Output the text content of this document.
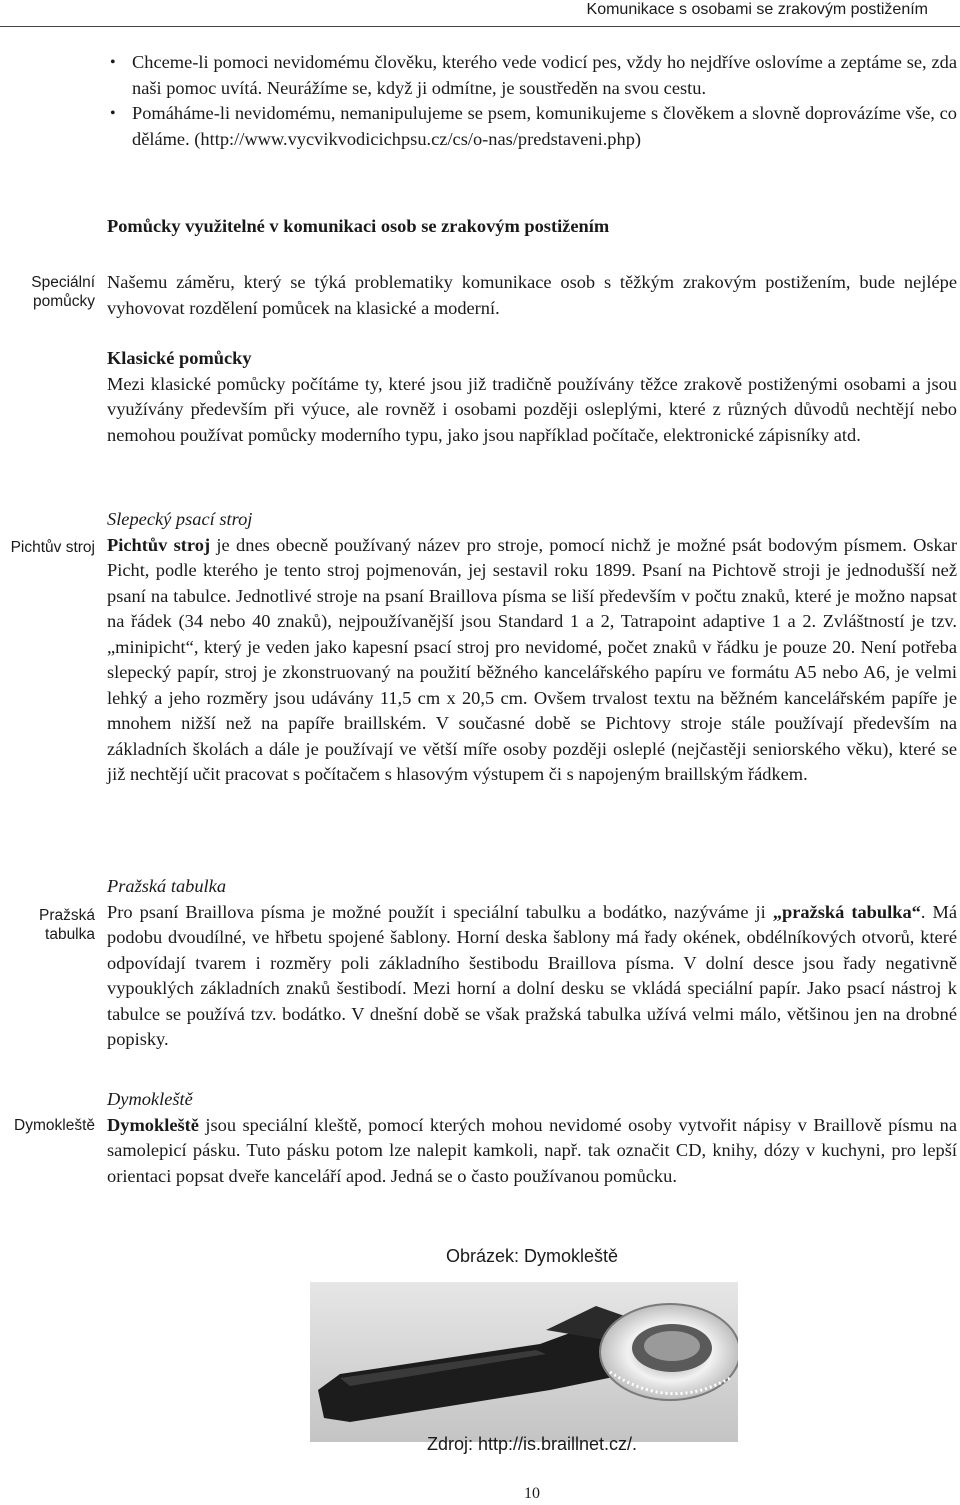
Komunikace s osobami se zrakovým postižením
• Chceme-li pomoci nevidomému člověku, kterého vede vodicí pes, vždy ho nejdříve oslovíme a zeptáme se, zda naši pomoc uvítá. Neurážíme se, když ji odmítne, je soustředěn na svou cestu.
• Pomáháme-li nevidomému, nemanipulujeme se psem, komunikujeme s člověkem a slovně doprovázíme vše, co děláme. (http://www.vycvikvodicichpsu.cz/cs/o-nas/predstaveni.php)
Pomůcky využitelné v komunikaci osob se zrakovým postižením
Speciální
pomůcky

Našemu záměru, který se týká problematiky komunikace osob s těžkým zrakovým postižením, bude nejlépe vyhovovat rozdělení pomůcek na klasické a moderní.

Klasické pomůcky

Mezi klasické pomůcky počítáme ty, které jsou již tradičně používány těžce zrakově postiženými osobami a jsou využívány především při výuce, ale rovněž i osobami později osleplými, které z různých důvodů nechtějí nebo nemohou používat pomůcky moderního typu, jako jsou například počítače, elektronické zápisníky atd.

Pichtův stroj

Slepecký psací stroj

Pichtův stroj je dnes obecně používaný název pro stroje, pomocí nichž je možné psát bodovým písmem. Oskar Picht, podle kterého je tento stroj pojmenován, jej sestavil roku 1899. Psaní na Pichtově stroji je jednodušší než psaní na tabulce. Jednotlivé stroje na psaní Braillova písma se liší především v počtu znaků, které je možno napsat na řádek (34 nebo 40 znaků), nejpoužívanější jsou Standard 1 a 2, Tatrapoint adaptive 1 a 2. Zvláštností je tzv. „minipicht“, který je veden jako kapesní psací stroj pro nevidomé, počet znaků v řádku je pouze 20. Není potřeba slepecký papír, stroj je zkonstruovaný na použití běžného kancelářského papíru ve formátu A5 nebo A6, je velmi lehký a jeho rozměry jsou udávány 11,5 cm x 20,5 cm. Ovšem trvalost textu na běžném kancelářském papíře je mnohem nižší než na papíře braillském. V současné době se Pichtovy stroje stále používají především na základních školách a dále je používají ve větší míře osoby později osleplé (nejčastěji seniorského věku), které se již nechtějí učit pracovat s počítačem s hlasovým výstupem či s napojeným braillským řádkem.

Pražská
tabulka

Pražská tabulka

Pro psaní Braillova písma je možné použít i speciální tabulku a bodátko, nazýváme ji „pražská tabulka“. Má podobu dvoudílné, ve hřbetu spojené šablony. Horní deska šablony má řady okének, obdélníkových otvorů, které odpovídají tvarem i rozměry poli základního šestibodu Braillova písma. V dolní desce jsou řady negativně vypouklých základních znaků šestibodí. Mezi horní a dolní desku se vkládá speciální papír. Jako psací nástroj k tabulce se používá tzv. bodátko. V dnešní době se však pražská tabulka užívá velmi málo, většinou jen na drobné popisky.

Dymokleště

Dymokleště

Dymokleště jsou speciální kleště, pomocí kterých mohou nevidomé osoby vytvořit nápisy v Braillově písmu na samolepicí pásku. Tuto pásku potom lze nalepit kamkoli, např. tak označit CD, knihy, dózy v kuchyni, pro lepší orientaci popsat dveře kanceláří apod. Jedná se o často používanou pomůcku.

Obrázek: Dymokleště
Zdroj: http://is.braillnet.cz/.
10
